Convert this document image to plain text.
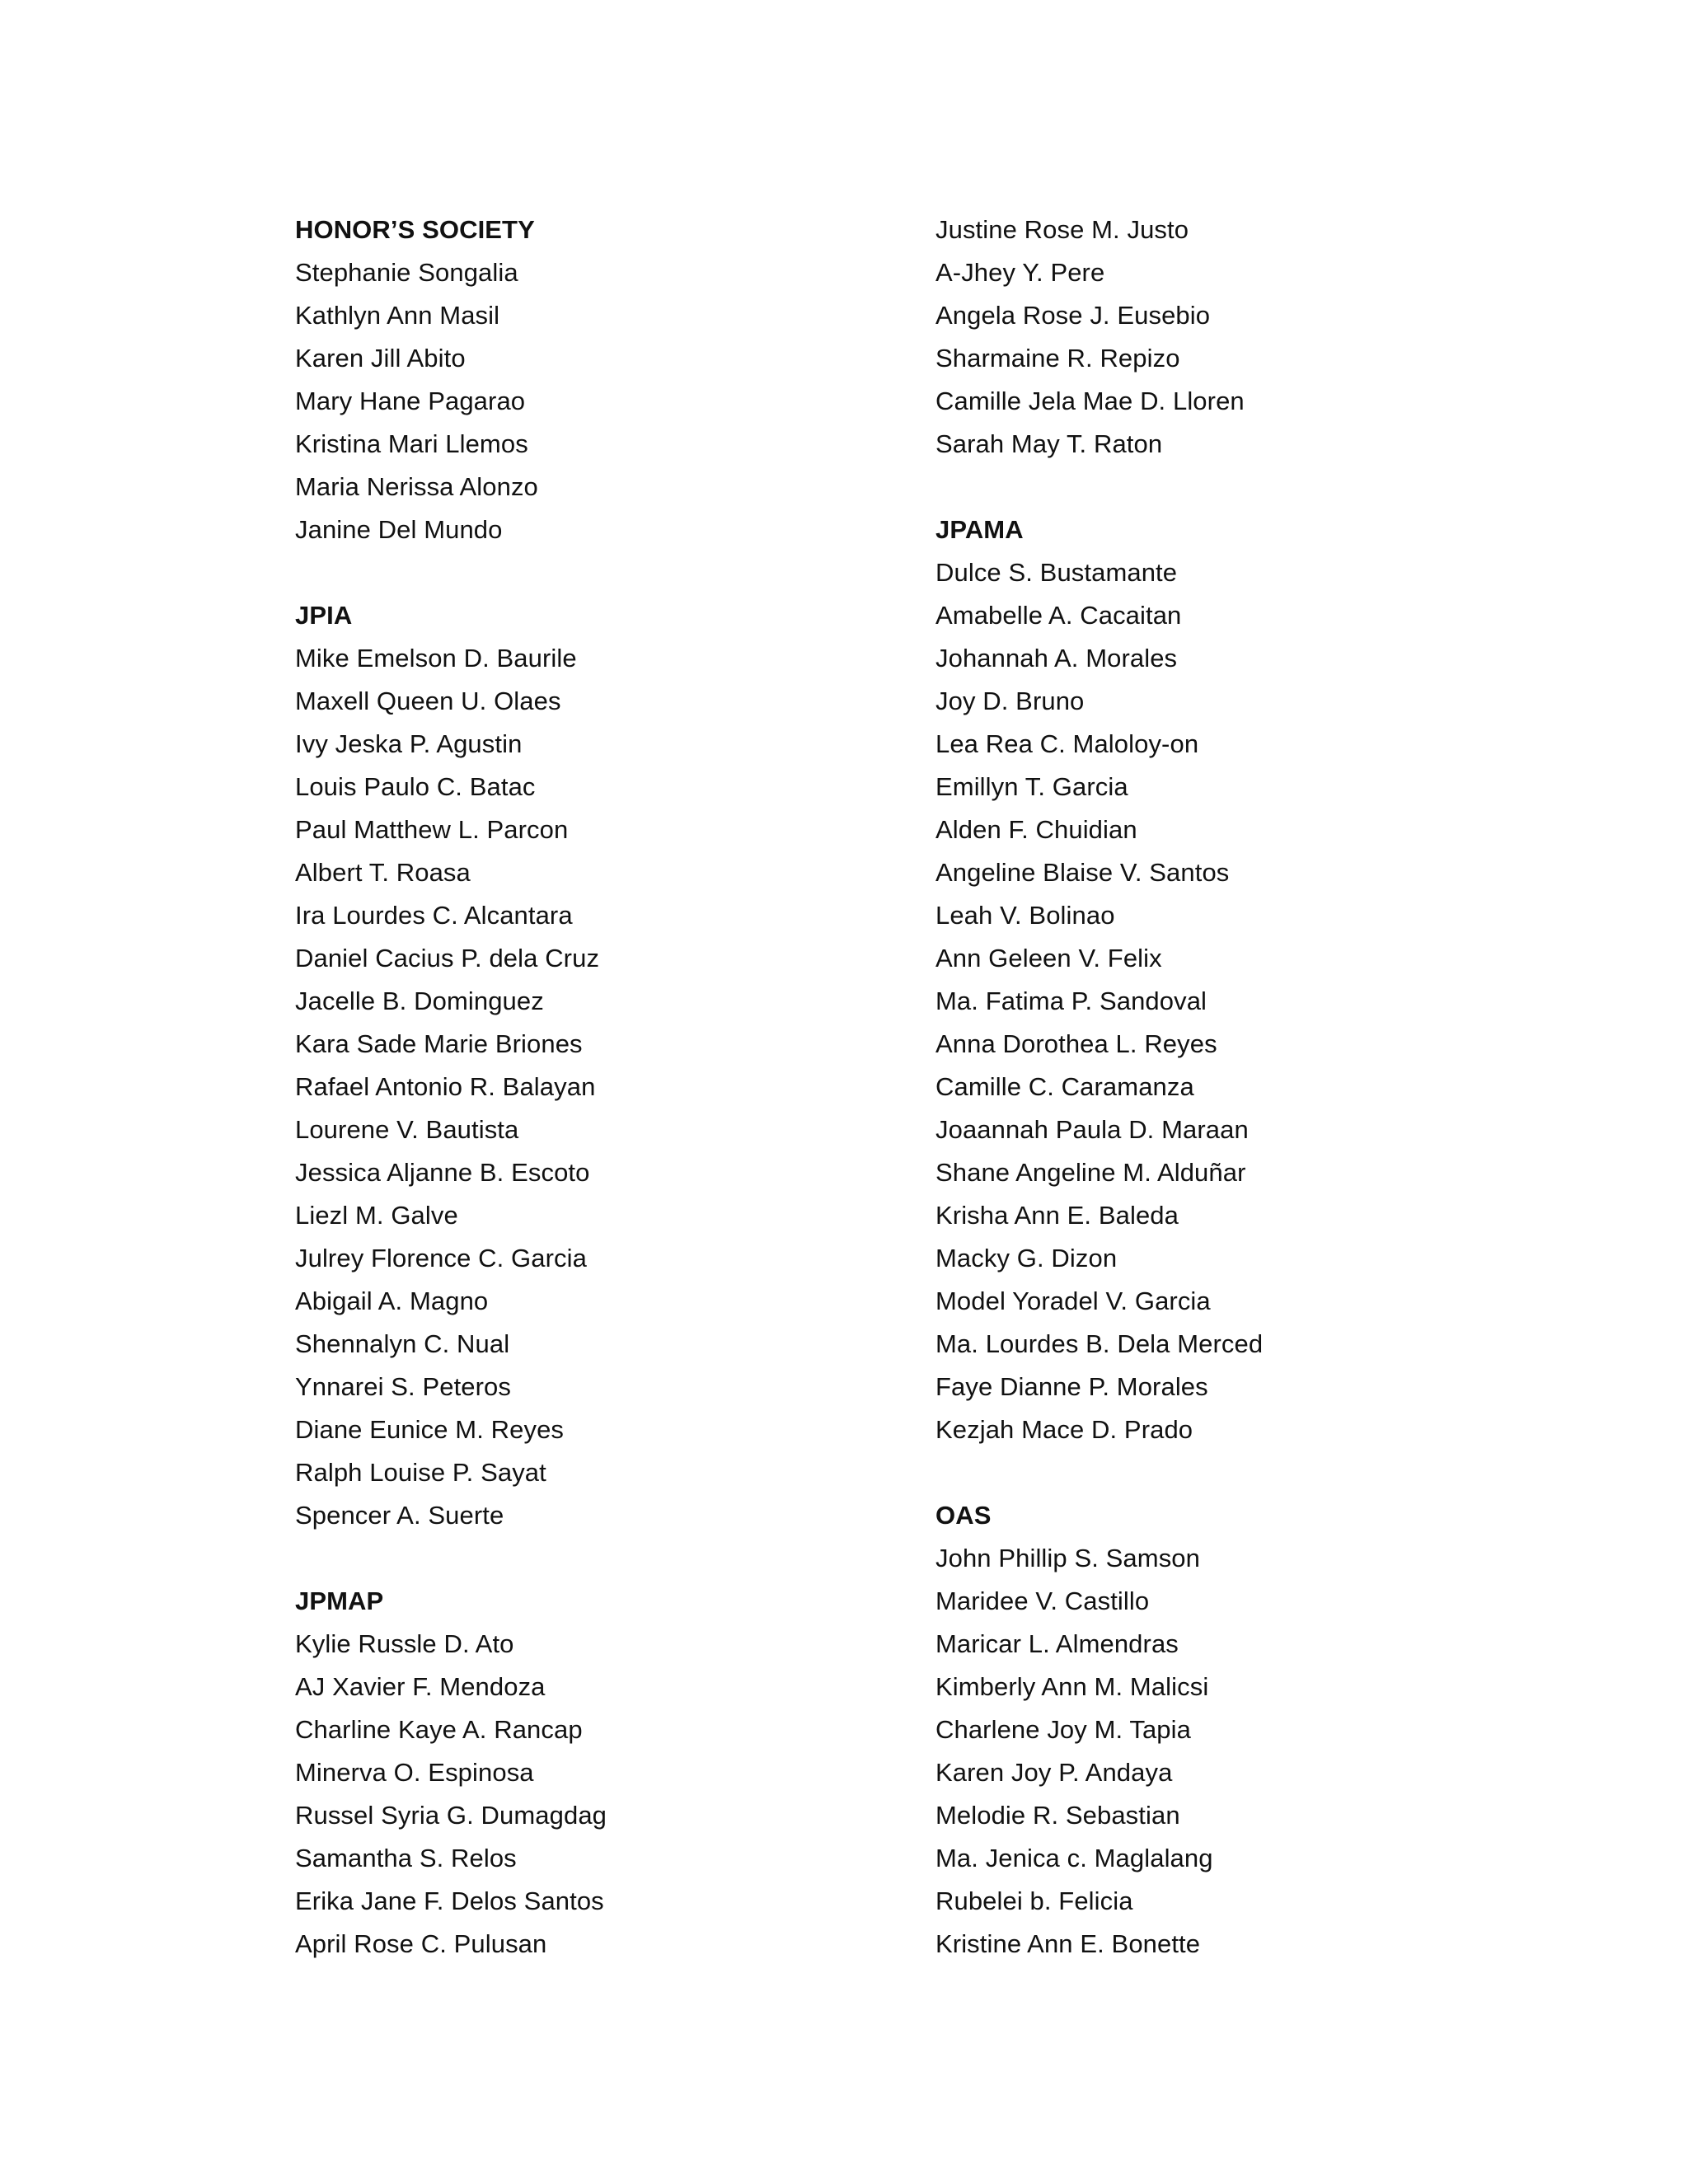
HONOR’S SOCIETY
Stephanie Songalia
Kathlyn Ann Masil
Karen Jill Abito
Mary Hane Pagarao
Kristina Mari Llemos
Maria Nerissa Alonzo
Janine Del Mundo
JPIA
Mike Emelson D. Baurile
Maxell Queen U. Olaes
Ivy Jeska P. Agustin
Louis Paulo C. Batac
Paul Matthew L. Parcon
Albert T. Roasa
Ira Lourdes C. Alcantara
Daniel Cacius P. dela Cruz
Jacelle B. Dominguez
Kara Sade Marie Briones
Rafael Antonio R. Balayan
Lourene V. Bautista
Jessica Aljanne B. Escoto
Liezl M. Galve
Julrey Florence C. Garcia
Abigail A. Magno
Shennalyn C. Nual
Ynnarei S. Peteros
Diane Eunice M. Reyes
Ralph Louise P. Sayat
Spencer A. Suerte
JPMAP
Kylie Russle D. Ato
AJ Xavier F. Mendoza
Charline Kaye A. Rancap
Minerva O. Espinosa
Russel Syria G. Dumagdag
Samantha S. Relos
Erika Jane F. Delos Santos
April Rose C. Pulusan
Justine Rose M. Justo
A-Jhey Y. Pere
Angela Rose J. Eusebio
Sharmaine R. Repizo
Camille Jela Mae D. Lloren
Sarah May T. Raton
JPAMA
Dulce S. Bustamante
Amabelle A. Cacaitan
Johannah A. Morales
Joy D. Bruno
Lea Rea C. Maloloy-on
Emillyn T. Garcia
Alden F. Chuidian
Angeline Blaise V. Santos
Leah V. Bolinao
Ann Geleen V. Felix
Ma. Fatima P. Sandoval
Anna Dorothea L. Reyes
Camille C. Caramanza
Joaannah Paula D. Maraan
Shane Angeline M. Alduñar
Krisha Ann E. Baleda
Macky G. Dizon
Model Yoradel V. Garcia
Ma. Lourdes B. Dela Merced
Faye Dianne P. Morales
Kezjah Mace D. Prado
OAS
John Phillip S. Samson
Maridee V. Castillo
Maricar L. Almendras
Kimberly Ann M. Malicsi
Charlene Joy M. Tapia
Karen Joy P. Andaya
Melodie R. Sebastian
Ma. Jenica c. Maglalang
Rubelei b. Felicia
Kristine Ann E. Bonette
